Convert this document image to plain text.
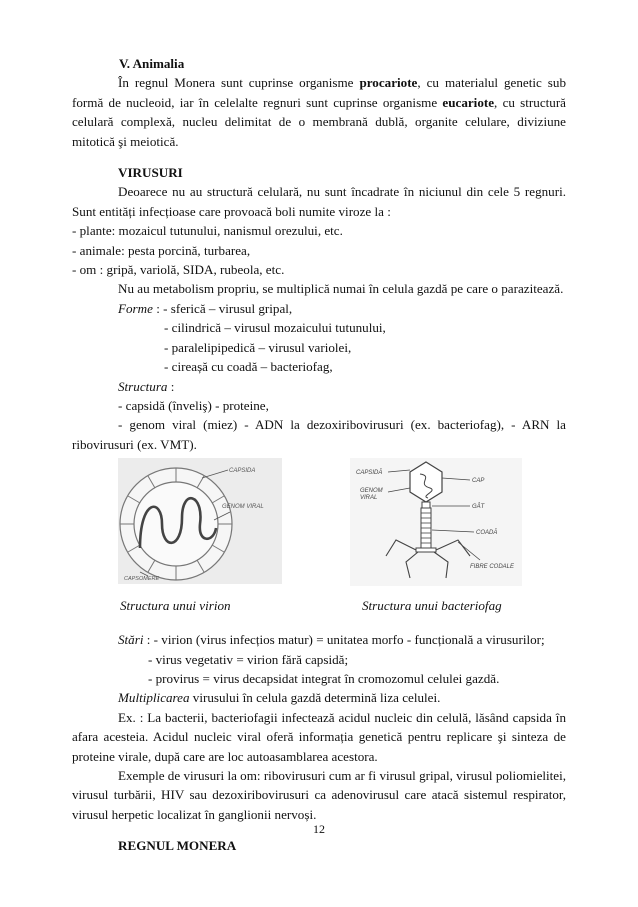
V. Animalia

În regnul Monera sunt cuprinse organisme procariote, cu materialul genetic sub formă de nucleoid, iar în celelalte regnuri sunt cuprinse organisme eucariote, cu structură celulară complexă, nucleu delimitat de o membrană dublă, organite celulare, diviziune mitotică şi meiotică.

VIRUSURI

Deoarece nu au structură celulară, nu sunt încadrate în niciunul din cele 5 regnuri. Sunt entități infecțioase care provoacă boli numite viroze la :

- plante: mozaicul tutunului, nanismul orezului, etc.

- animale: pesta porcină, turbarea,

- om : gripă, variolă, SIDA, rubeola, etc.

Nu au metabolism propriu, se multiplică numai în celula gazdă pe care o parazitează.

Forme : - sferică – virusul gripal,

- cilindrică – virusul mozaicului tutunului,

- paralelipipedică – virusul variolei,

- cireașă cu coadă – bacteriofag,

Structura :

- capsidă (înveliş) - proteine,

- genom viral (miez) - ADN la dezoxiribovirusuri (ex. bacteriofag), - ARN la ribovirusuri (ex. VMT).

CAPSIDA
GENOM VIRAL
CAPSOMERE
CAPSIDĂ
GENOM
VIRAL
CAP
GÂT
COADĂ
FIBRE CODALE
Structura unui virion	Structura unui bacteriofag

Stări : - virion (virus infecțios matur) = unitatea morfo - funcțională a virusurilor;

- virus vegetativ = virion fără capsidă;

- provirus = virus decapsidat integrat în cromozomul celulei gazdă.

Multiplicarea virusului în celula gazdă determină liza celulei.

Ex. : La bacterii, bacteriofagii infectează acidul nucleic din celulă, lăsând capsida în afara acesteia. Acidul nucleic viral oferă informația genetică pentru replicare şi sinteza de proteine virale, după care are loc autoasamblarea acestora.

Exemple de virusuri la om: ribovirusuri cum ar fi virusul gripal, virusul poliomielitei, virusul turbării, HIV sau dezoxiribovirusuri ca adenovirusul care atacă sistemul respirator, virusul herpetic localizat în ganglionii nervoși.

REGNUL MONERA

12
